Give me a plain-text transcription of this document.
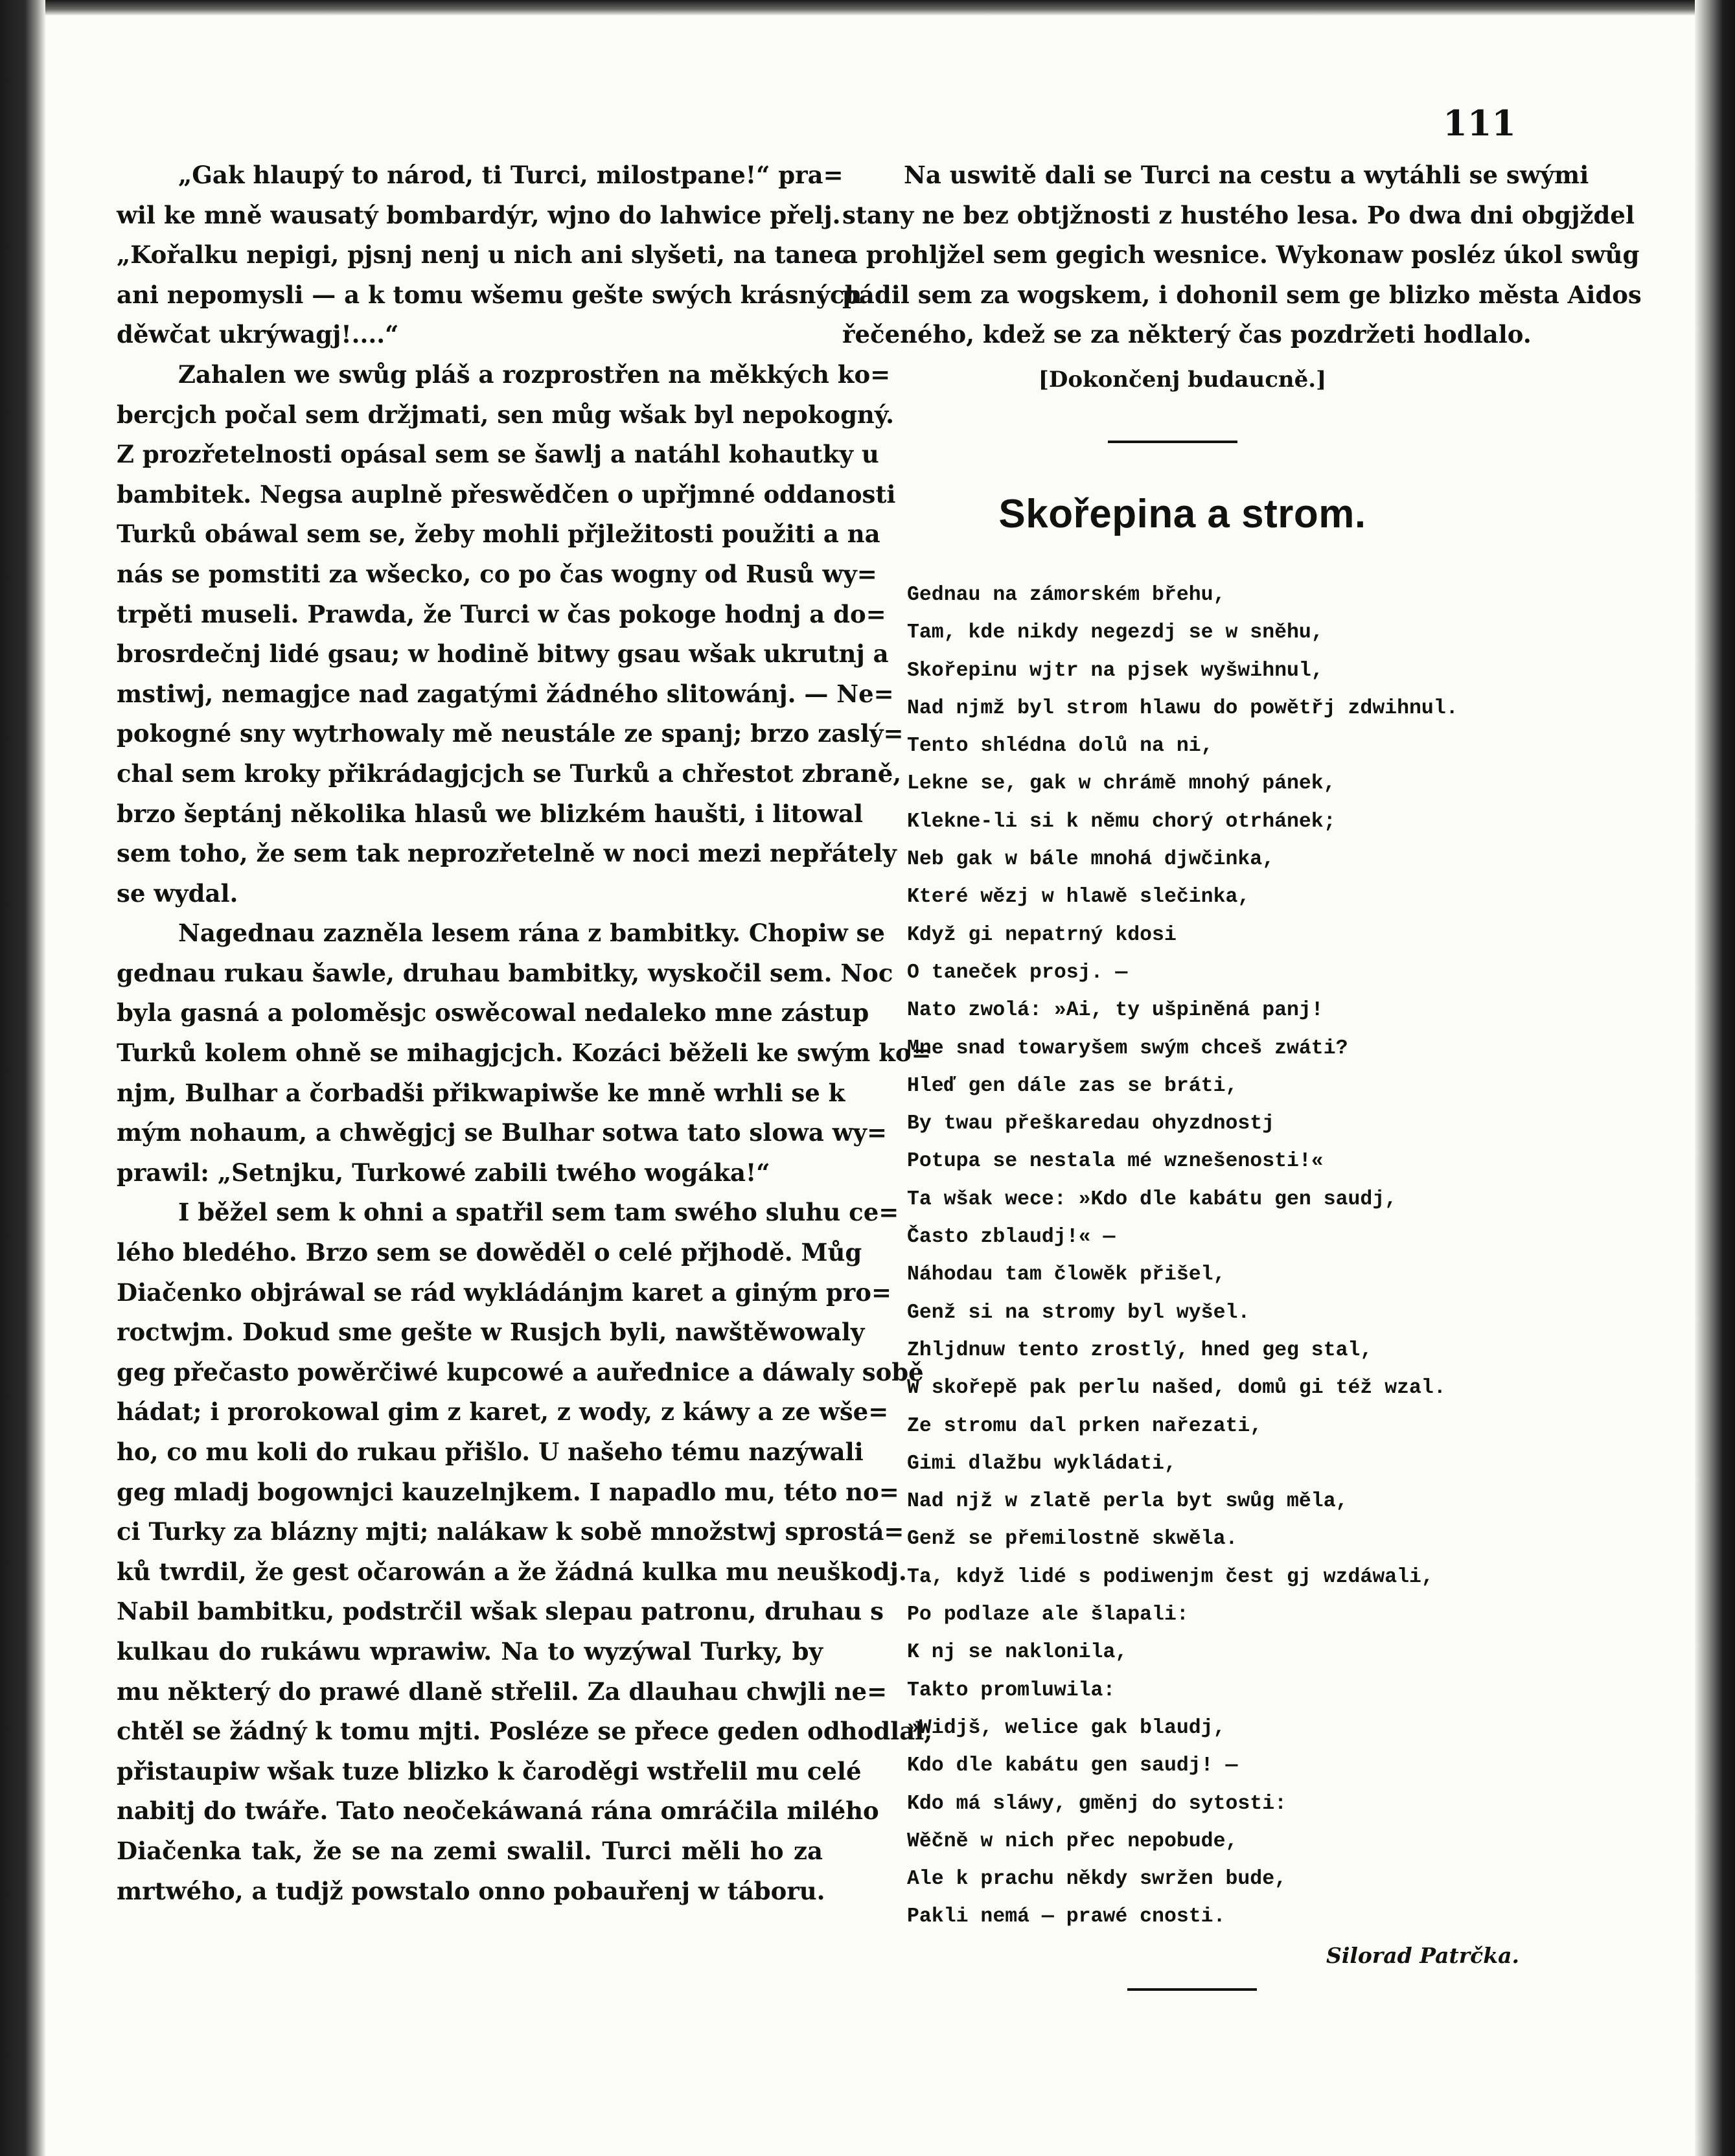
111
„Gak hlaupý to národ, ti Turci, milostpane!“ pra=
wil ke mně wausatý bombardýr, wjno do lahwice přelj.
„Kořalku nepigi, pjsnj nenj u nich ani slyšeti, na tanec
ani nepomysli — a k tomu wšemu gešte swých krásných
děwčat ukrýwagj!....“
Zahalen we swůg pláš a rozprostřen na měkkých ko=
bercjch počal sem držjmati, sen můg wšak byl nepokogný.
Z prozřetelnosti opásal sem se šawlj a natáhl kohautky u
bambitek. Negsa auplně přeswědčen o upřjmné oddanosti
Turků obáwal sem se, žeby mohli přjležitosti použiti a na
nás se pomstiti za wšecko, co po čas wogny od Rusů wy=
trpěti museli. Prawda, že Turci w čas pokoge hodnj a do=
brosrdečnj lidé gsau; w hodině bitwy gsau wšak ukrutnj a
mstiwj, nemagjce nad zagatými žádného slitowánj. — Ne=
pokogné sny wytrhowaly mě neustále ze spanj; brzo zaslý=
chal sem kroky přikrádagjcjch se Turků a chřestot zbraně,
brzo šeptánj několika hlasů we blizkém haušti, i litowal
sem toho, že sem tak neprozřetelně w noci mezi nepřátely
se wydal.
Nagednau zazněla lesem rána z bambitky. Chopiw se
gednau rukau šawle, druhau bambitky, wyskočil sem. Noc
byla gasná a poloměsjc oswěcowal nedaleko mne zástup
Turků kolem ohně se mihagjcjch. Kozáci běželi ke swým ko=
njm, Bulhar a čorbadši přikwapiwše ke mně wrhli se k
mým nohaum, a chwěgjcj se Bulhar sotwa tato slowa wy=
prawil: „Setnjku, Turkowé zabili twého wogáka!“
I běžel sem k ohni a spatřil sem tam swého sluhu ce=
lého bledého. Brzo sem se dowěděl o celé přjhodě. Můg
Diačenko objráwal se rád wykládánjm karet a giným pro=
roctwjm. Dokud sme gešte w Rusjch byli, nawštěwowaly
geg přečasto powěrčiwé kupcowé a auřednice a dáwaly sobě
hádat; i prorokowal gim z karet, z wody, z káwy a ze wše=
ho, co mu koli do rukau přišlo. U našeho tému nazýwali
geg mladj bogownjci kauzelnjkem. I napadlo mu, této no=
ci Turky za blázny mjti; nalákaw k sobě množstwj sprostá=
ků twrdil, že gest očarowán a že žádná kulka mu neuškodj.
Nabil bambitku, podstrčil wšak slepau patronu, druhau s
kulkau do rukáwu wprawiw. Na to wyzýwal Turky, by
mu některý do prawé dlaně střelil. Za dlauhau chwjli ne=
chtěl se žádný k tomu mjti. Posléze se přece geden odhodlal,
přistaupiw wšak tuze blizko k čaroděgi wstřelil mu celé
nabitj do twáře. Tato neočekáwaná rána omráčila milého
Diačenka tak, že se na zemi swalil. Turci měli ho za
mrtwého, a tudjž powstalo onno pobauřenj w táboru.
Na uswitě dali se Turci na cestu a wytáhli se swými
stany ne bez obtjžnosti z hustého lesa. Po dwa dni obgjždel
a prohljžel sem gegich wesnice. Wykonaw posléz úkol swůg
pádil sem za wogskem, i dohonil sem ge blizko města Aidos
řečeného, kdež se za některý čas pozdržeti hodlalo.
[Dokončenj budaucně.]
Skořepina a strom.
Gednau na zámorském břehu,
Tam, kde nikdy negezdj se w sněhu,
Skořepinu wjtr na pjsek wyšwihnul,
Nad njmž byl strom hlawu do powětřj zdwihnul.
Tento shlédna dolů na ni,
Lekne se, gak w chrámě mnohý pánek,
Klekne-li si k němu chorý otrhánek;
Neb gak w bále mnohá djwčinka,
Které wězj w hlawě slečinka,
Když gi nepatrný kdosi
O taneček prosj. —
Nato zwolá: »Ai, ty ušpiněná panj!
Mne snad towaryšem swým chceš zwáti?
Hleď gen dále zas se bráti,
By twau přeškaredau ohyzdnostj
Potupa se nestala mé wznešenosti!«
Ta wšak wece: »Kdo dle kabátu gen saudj,
Často zblaudj!« —
Náhodau tam člowěk přišel,
Genž si na stromy byl wyšel.
Zhljdnuw tento zrostlý, hned geg stal,
W skořepě pak perlu našed, domů gi též wzal.
Ze stromu dal prken nařezati,
Gimi dlažbu wykládati,
Nad njž w zlatě perla byt swůg měla,
Genž se přemilostně skwěla.
Ta, když lidé s podiwenjm čest gj wzdáwali,
Po podlaze ale šlapali:
K nj se naklonila,
Takto promluwila:
»Widjš, welice gak blaudj,
Kdo dle kabátu gen saudj! —
Kdo má sláwy, gměnj do sytosti:
Wěčně w nich přec nepobude,
Ale k prachu někdy swržen bude,
Pakli nemá — prawé cnosti.
Silorad Patrčka.
